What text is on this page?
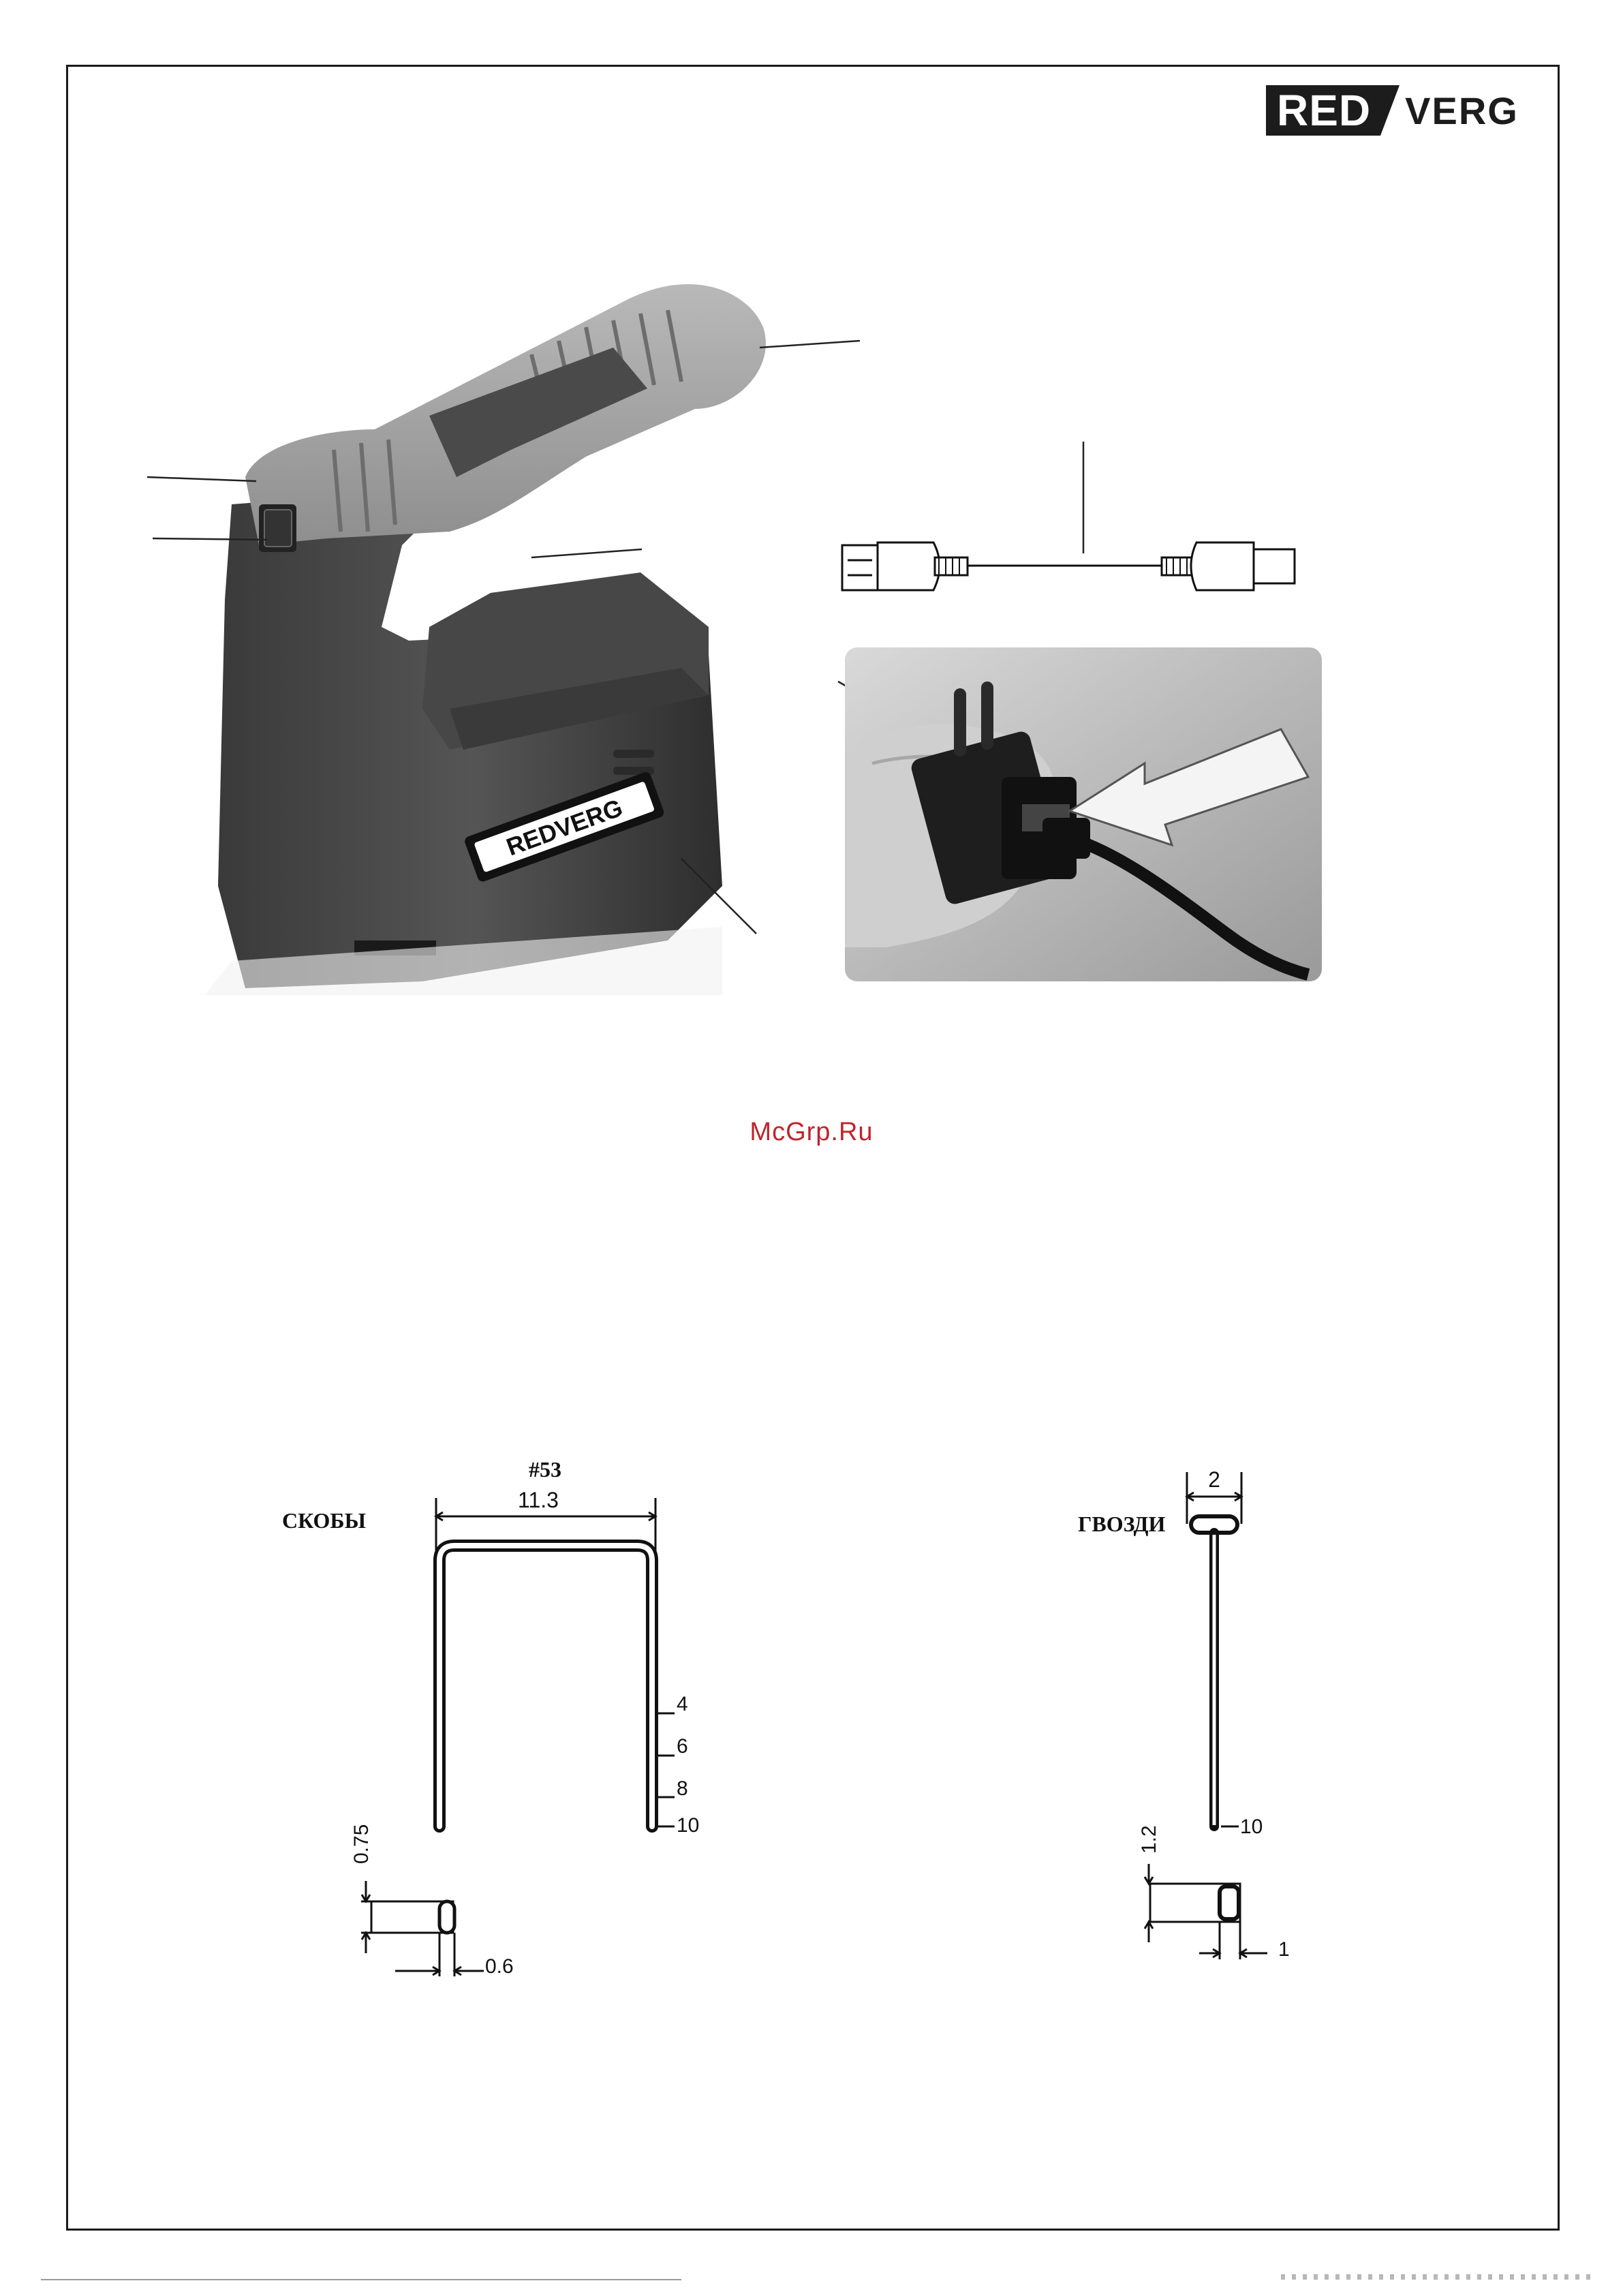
RED VERG
REDVERG
McGrp.Ru
СКОБЫ
#53
11.3
4
6
8
10
0.75
0.6
ГВОЗДИ
2
10
1.2
1
